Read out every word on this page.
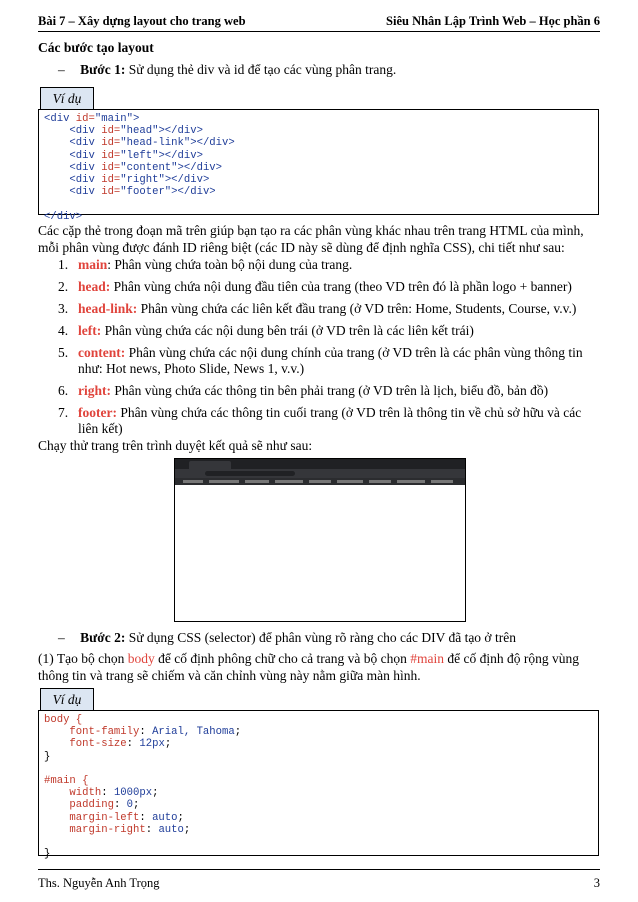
Bài 7 – Xây dựng layout cho trang web	Siêu Nhân Lập Trình Web – Học phần 6
Các bước tạo layout
– Bước 1: Sử dụng thẻ div và id để tạo các vùng phân trang.
Ví dụ
<div id="main">
<div id="head"></div>
<div id="head-link"></div>
<div id="left"></div>
<div id="content"></div>
<div id="right"></div>
<div id="footer"></div>

</div>
Các cặp thẻ trong đoạn mã trên giúp bạn tạo ra các phân vùng khác nhau trên trang HTML của mình, mỗi phân vùng được đánh ID riêng biệt (các ID này sẽ dùng để định nghĩa CSS), chi tiết như sau:
1. main: Phân vùng chứa toàn bộ nội dung của trang.
2. head: Phân vùng chứa nội dung đầu tiên của trang (theo VD trên đó là phần logo + banner)
3. head-link: Phân vùng chứa các liên kết đầu trang (ở VD trên: Home, Students, Course, v.v.)
4. left: Phân vùng chứa các nội dung bên trái (ở VD trên là các liên kết trái)
5. content: Phân vùng chứa các nội dung chính của trang (ở VD trên là các phân vùng thông tin như: Hot news, Photo Slide, News 1, v.v.)
6. right: Phân vùng chứa các thông tin bên phải trang (ở VD trên là lịch, biểu đồ, bản đồ)
7. footer: Phân vùng chứa các thông tin cuối trang (ở VD trên là thông tin về chủ sở hữu và các liên kết)
Chạy thử trang trên trình duyệt kết quả sẽ như sau:
– Bước 2: Sử dụng CSS (selector) để phân vùng rõ ràng cho các DIV đã tạo ở trên
(1) Tạo bộ chọn body để cố định phông chữ cho cả trang và bộ chọn #main để cố định độ rộng vùng thông tin và trang sẽ chiếm và căn chỉnh vùng này nằm giữa màn hình.
Ví dụ
body {
font-family: Arial, Tahoma;
font-size: 12px;
}

#main {
width: 1000px;
padding: 0;
margin-left: auto;
margin-right: auto;

}
Ths. Nguyễn Anh Trọng	3
